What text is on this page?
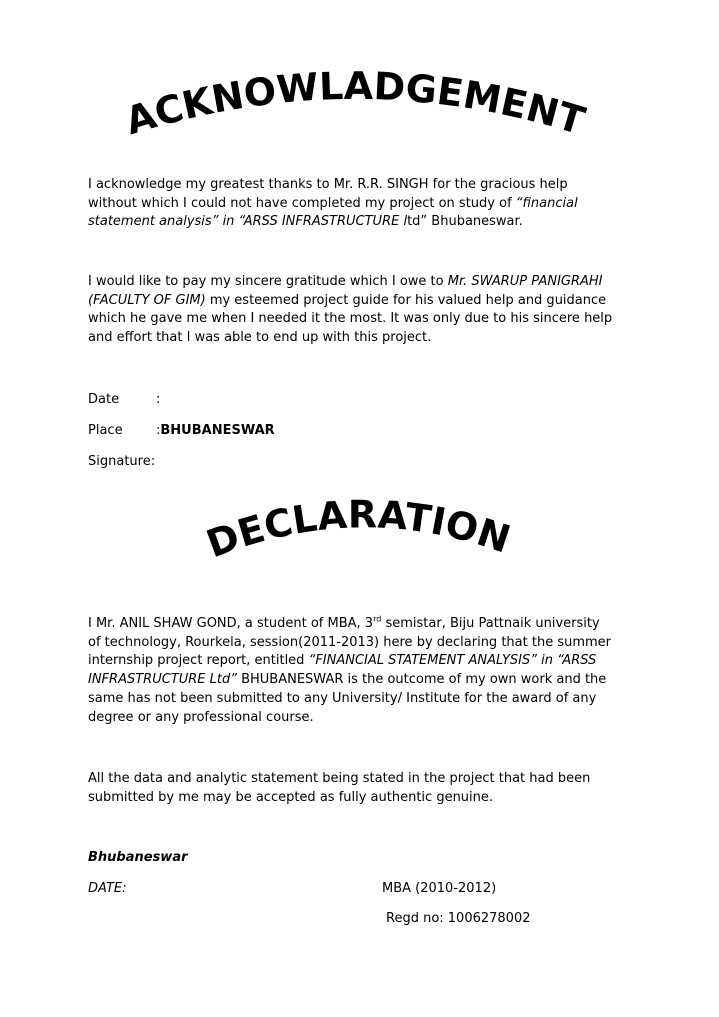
ACKNOWLADGEMENT

I acknowledge my greatest thanks to Mr. R.R. SINGH for the gracious help
without which I could not have completed my project on study of “financial
statement analysis” in “ARSS INFRASTRUCTURE ltd” Bhubaneswar.

I would like to pay my sincere gratitude which I owe to Mr. SWARUP PANIGRAHI
(FACULTY OF GIM) my esteemed project guide for his valued help and guidance
which he gave me when I needed it the most. It was only due to his sincere help
and effort that I was able to end up with this project.

Date	:
Place	:BHUBANESWAR
Signature:
DECLARATION

I Mr. ANIL SHAW GOND, a student of MBA, 3rd semistar, Biju Pattnaik university
of technology, Rourkela, session(2011-2013) here by declaring that the summer
internship project report, entitled “FINANCIAL STATEMENT ANALYSIS” in “ARSS
INFRASTRUCTURE Ltd” BHUBANESWAR is the outcome of my own work and the
same has not been submitted to any University/ Institute for the award of any
degree or any professional course.

All the data and analytic statement being stated in the project that had been
submitted by me may be accepted as fully authentic genuine.

Bhubaneswar
DATE:	MBA (2010-2012)
Regd no: 1006278002
